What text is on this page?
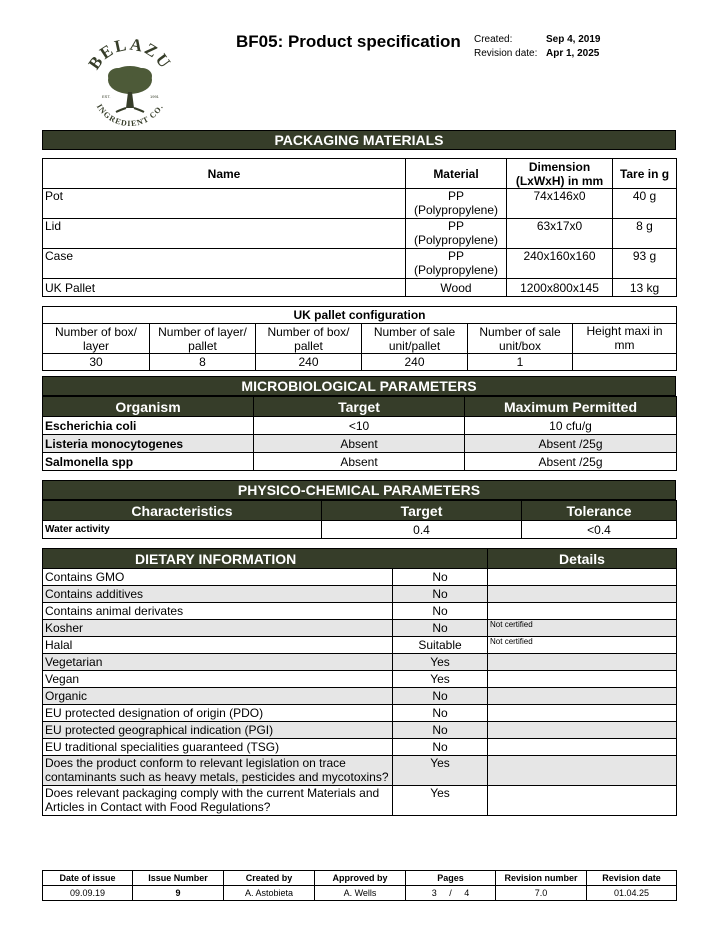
BELAZU
EST.	1991
INGREDIENT CO.
BF05: Product specification Created:	Sep 4, 2019
Revision date: Apr 1, 2025
PACKAGING MATERIALS
Name	Material	Dimension (LxWxH) in mm	Tare in g
Pot	PP (Polypropylene)	74x146x0	40 g
Lid	PP (Polypropylene)	63x17x0	8 g
Case	PP (Polypropylene)	240x160x160	93 g
UK Pallet	Wood	1200x800x145	13 kg
UK pallet configuration					
Number of box/ layer	Number of layer/ pallet	Number of box/ pallet	Number of sale unit/pallet	Number of sale unit/box	Height maxi in mm
30	8	240	240	1	
MICROBIOLOGICAL PARAMETERS
Organism	Target	Maximum Permitted
Escherichia coli	<10	10 cfu/g
Listeria monocytogenes	Absent	Absent /25g
Salmonella spp	Absent	Absent /25g
PHYSICO-CHEMICAL PARAMETERS
Characteristics	Target	Tolerance
Water activity	0.4	<0.4
DIETARY INFORMATION		Details
Contains GMO	No	
Contains additives	No	
Contains animal derivates	No	
Kosher	No	Not certified
Halal	Suitable	Not certified
Vegetarian	Yes	
Vegan	Yes	
Organic	No	
EU protected designation of origin (PDO)	No	
EU protected geographical indication (PGI)	No	
EU traditional specialities guaranteed (TSG)	No	
Does the product conform to relevant legislation on trace contaminants such as heavy metals, pesticides and mycotoxins?	Yes	
Does relevant packaging comply with the current Materials and Articles in Contact with Food Regulations?	Yes	
Date of issue	Issue Number	Created by	Approved by	Pages	Revision number	Revision date
09.09.19	9	A. Astobieta	A. Wells	3     /     4	7.0	01.04.25
